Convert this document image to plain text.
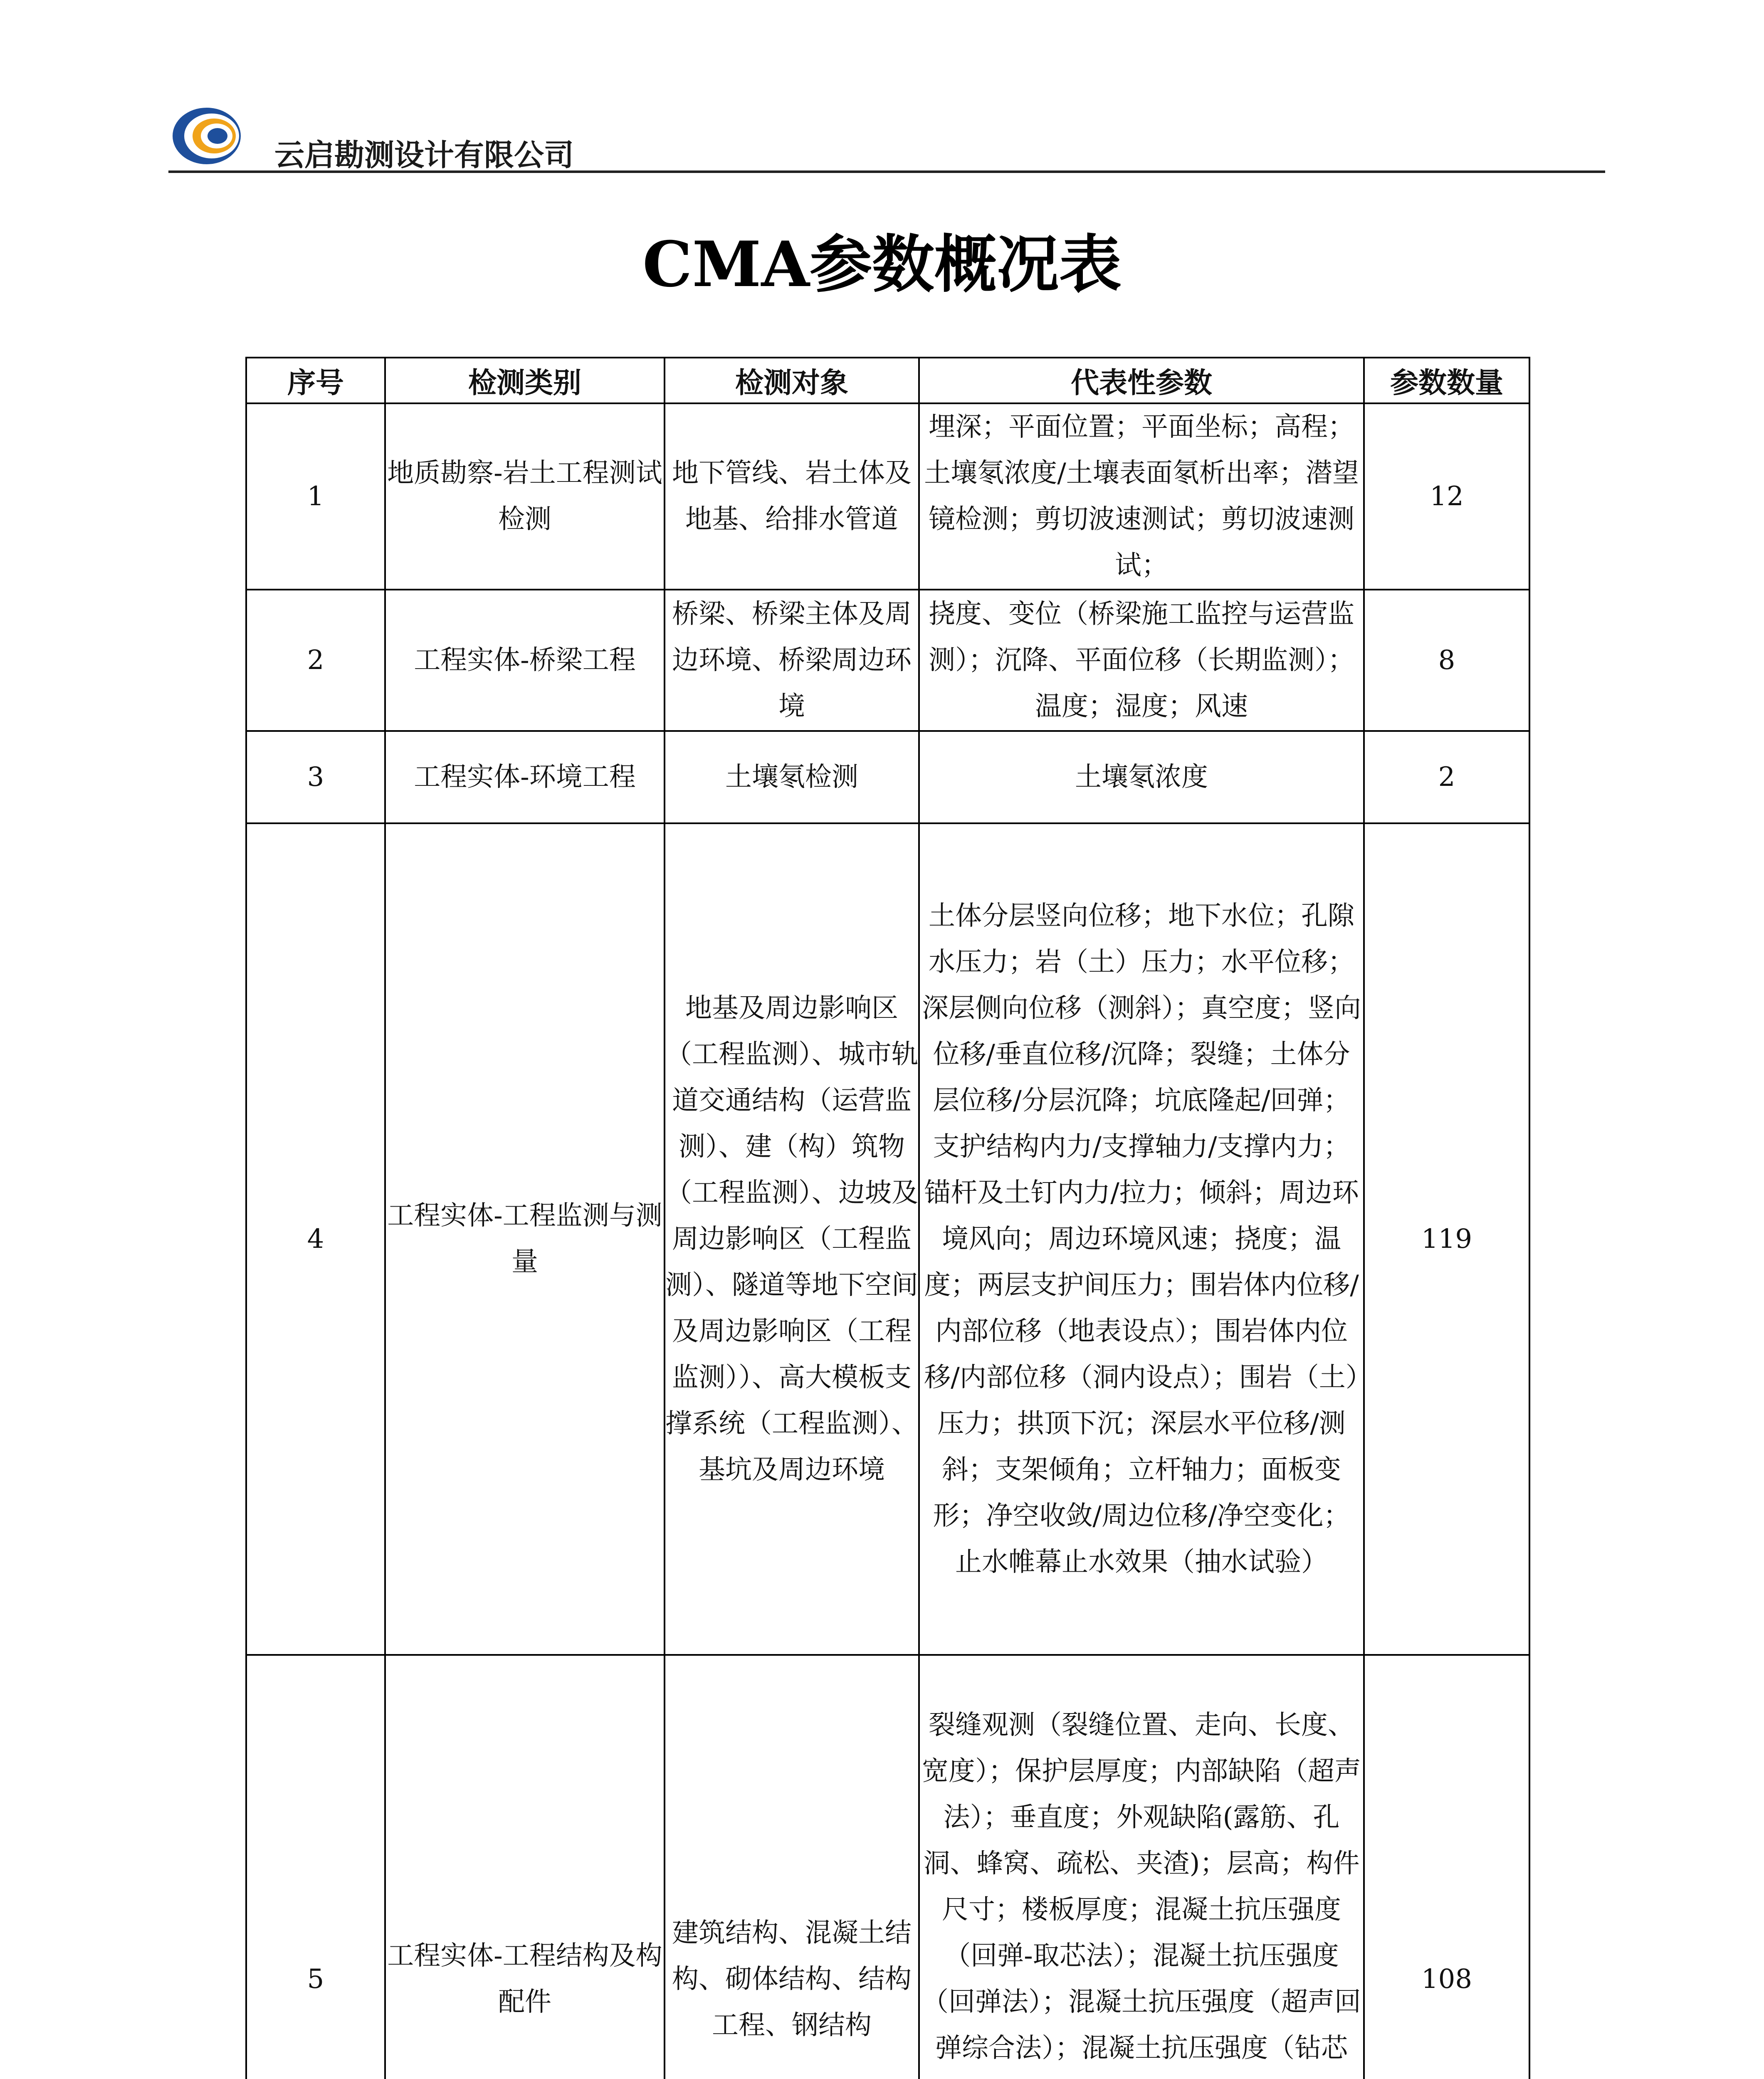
云启勘测设计有限公司
CMA参数概况表
序号	检测类别	检测对象	代表性参数	参数数量
1	地质勘察-岩土工程测试检测	地下管线、岩土体及地基、给排水管道	埋深；平面位置；平面坐标；高程；土壤氡浓度/土壤表面氡析出率；潜望镜检测；剪切波速测试；剪切波速测试；	12
2	工程实体-桥梁工程	桥梁、桥梁主体及周边环境、桥梁周边环境	挠度、变位（桥梁施工监控与运营监测）；沉降、平面位移（长期监测）；温度；湿度；风速	8
3	工程实体-环境工程	土壤氡检测	土壤氡浓度	2
4	工程实体-工程监测与测量	地基及周边影响区（工程监测）、城市轨道交通结构（运营监测）、建（构）筑物（工程监测）、边坡及周边影响区（工程监测）、隧道等地下空间及周边影响区（工程监测））、高大模板支撑系统（工程监测）、基坑及周边环境	土体分层竖向位移；地下水位；孔隙水压力；岩（土）压力；水平位移；深层侧向位移（测斜）；真空度；竖向位移/垂直位移/沉降；裂缝；土体分层位移/分层沉降；坑底隆起/回弹；支护结构内力/支撑轴力/支撑内力；锚杆及土钉内力/拉力；倾斜；周边环境风向；周边环境风速；挠度；温度；两层支护间压力；围岩体内位移/内部位移（地表设点）；围岩体内位移/内部位移（洞内设点）；围岩（土）压力；拱顶下沉；深层水平位移/测斜；支架倾角；立杆轴力；面板变形；净空收敛/周边位移/净空变化；止水帷幕止水效果（抽水试验）	119
5	工程实体-工程结构及构配件	建筑结构、混凝土结构、砌体结构、结构工程、钢结构	裂缝观测（裂缝位置、走向、长度、宽度）；保护层厚度；内部缺陷（超声法）；垂直度；外观缺陷(露筋、孔洞、蜂窝、疏松、夹渣)；层高；构件尺寸；楼板厚度；混凝土抗压强度（回弹-取芯法）；混凝土抗压强度（回弹法）；混凝土抗压强度（超声回弹综合法）；混凝土抗压强度（钻芯	108
